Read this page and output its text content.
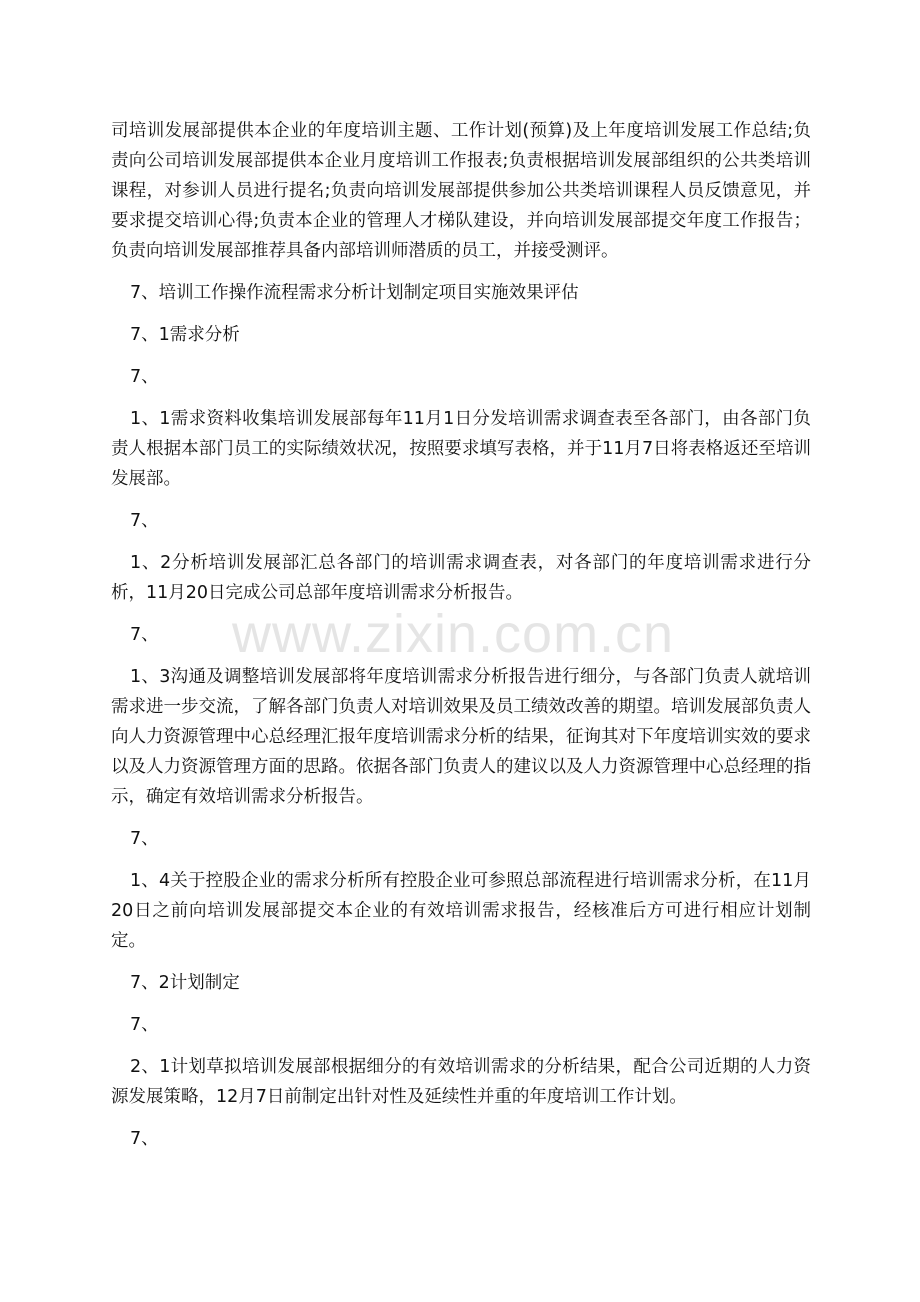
司培训发展部提供本企业的年度培训主题、工作计划(预算)及上年度培训发展工作总结;负责向公司培训发展部提供本企业月度培训工作报表;负责根据培训发展部组织的公共类培训课程，对参训人员进行提名;负责向培训发展部提供参加公共类培训课程人员反馈意见，并要求提交培训心得;负责本企业的管理人才梯队建设，并向培训发展部提交年度工作报告；负责向培训发展部推荐具备内部培训师潜质的员工，并接受测评。

7、培训工作操作流程需求分析计划制定项目实施效果评估

7、1需求分析

7、

1、1需求资料收集培训发展部每年11月1日分发培训需求调查表至各部门，由各部门负责人根据本部门员工的实际绩效状况，按照要求填写表格，并于11月7日将表格返还至培训发展部。

7、

1、2分析培训发展部汇总各部门的培训需求调查表，对各部门的年度培训需求进行分析，11月20日完成公司总部年度培训需求分析报告。

7、

1、3沟通及调整培训发展部将年度培训需求分析报告进行细分，与各部门负责人就培训需求进一步交流，了解各部门负责人对培训效果及员工绩效改善的期望。培训发展部负责人向人力资源管理中心总经理汇报年度培训需求分析的结果，征询其对下年度培训实效的要求以及人力资源管理方面的思路。依据各部门负责人的建议以及人力资源管理中心总经理的指示，确定有效培训需求分析报告。

7、

1、4关于控股企业的需求分析所有控股企业可参照总部流程进行培训需求分析，在11月20日之前向培训发展部提交本企业的有效培训需求报告，经核准后方可进行相应计划制定。

7、2计划制定

7、

2、1计划草拟培训发展部根据细分的有效培训需求的分析结果，配合公司近期的人力资源发展策略，12月7日前制定出针对性及延续性并重的年度培训工作计划。

7、

www.zixin.com.cn
